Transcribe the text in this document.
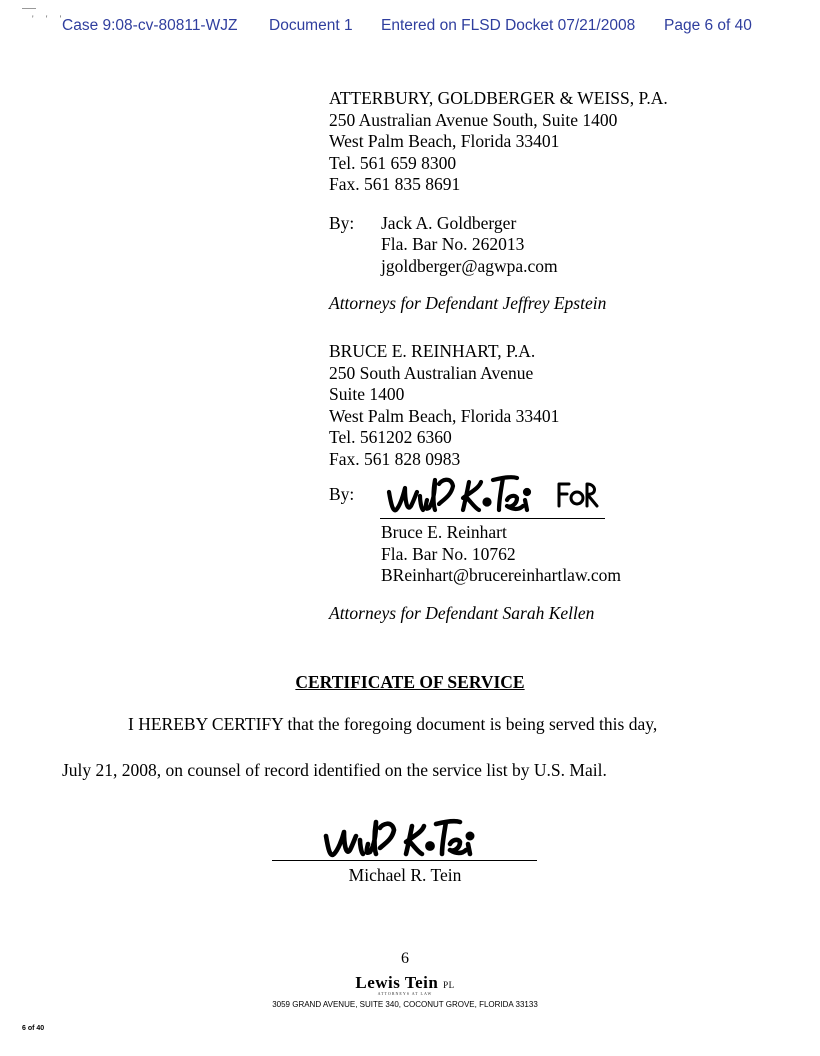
' ' '
Case 9:08-cv-80811-WJZ Document 1 Entered on FLSD Docket 07/21/2008 Page 6 of 40
ATTERBURY, GOLDBERGER & WEISS, P.A.
250 Australian Avenue South, Suite 1400
West Palm Beach, Florida 33401
Tel. 561 659 8300
Fax. 561 835 8691
By:	Jack A. Goldberger
Fla. Bar No. 262013
jgoldberger@agwpa.com
Attorneys for Defendant Jeffrey Epstein
BRUCE E. REINHART, P.A.
250 South Australian Avenue
Suite 1400
West Palm Beach, Florida 33401
Tel. 561202 6360
Fax. 561 828 0983
By:
Bruce E. Reinhart
Fla. Bar No. 10762
BReinhart@brucereinhartlaw.com
Attorneys for Defendant Sarah Kellen
CERTIFICATE OF SERVICE
I HEREBY CERTIFY that the foregoing document is being served this day,
July 21, 2008, on counsel of record identified on the service list by U.S. Mail.
Michael R. Tein
6
Lewis Tein PL
ATTORNEYS AT LAW
3059 GRAND AVENUE, SUITE 340, COCONUT GROVE, FLORIDA 33133
6 of 40
